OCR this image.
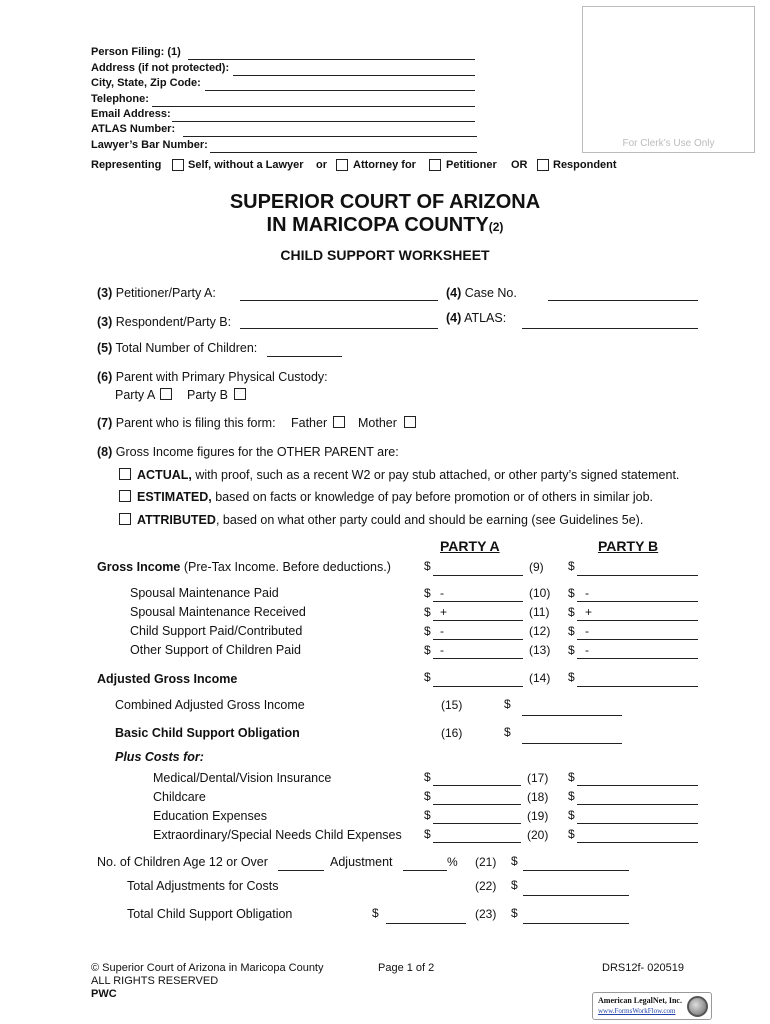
Person Filing: (1)
Address (if not protected):
City, State, Zip Code:
Telephone:
Email Address:
ATLAS Number:
Lawyer’s Bar Number:	For Clerk’s Use Only
Representing Self, without a Lawyer or Attorney for	Petitioner OR Respondent
SUPERIOR COURT OF ARIZONA
IN MARICOPA COUNTY(2)
CHILD SUPPORT WORKSHEET
(3) Petitioner/Party A:	(4) Case No.
(3) Respondent/Party B:	(4) ATLAS:
(5) Total Number of Children:
(6) Parent with Primary Physical Custody:
Party A	Party B
(7) Parent who is filing this form: Father Mother
(8) Gross Income figures for the OTHER PARENT are:
ACTUAL, with proof, such as a recent W2 or pay stub attached, or other party’s signed statement.
ESTIMATED, based on facts or knowledge of pay before promotion or of others in similar job.
ATTRIBUTED, based on what other party could and should be earning (see Guidelines 5e).
PARTY A	PARTY B
Gross Income (Pre-Tax Income. Before deductions.)	$	(9) $
Spousal Maintenance Paid	$ -	(10) $ -
Spousal Maintenance Received	$ +	(11) $ +
Child Support Paid/Contributed	$ -	(12) $ -
Other Support of Children Paid	$ -	(13) $ -
Adjusted Gross Income	$	(14) $
Combined Adjusted Gross Income	(15)	$
Basic Child Support Obligation	(16)	$
Plus Costs for:
Medical/Dental/Vision Insurance	$	(17) $
Childcare	$	(18) $
Education Expenses	$	(19) $
Extraordinary/Special Needs Child Expenses $	(20) $
No. of Children Age 12 or Over	Adjustment	% (21) $
Total Adjustments for Costs	(22) $
Total Child Support Obligation	$	(23) $
© Superior Court of Arizona in Maricopa County
ALL RIGHTS RESERVED
PWC
Page 1 of 2	DRS12f- 020519
American LegalNet, Inc.
www.FormsWorkFlow.com
